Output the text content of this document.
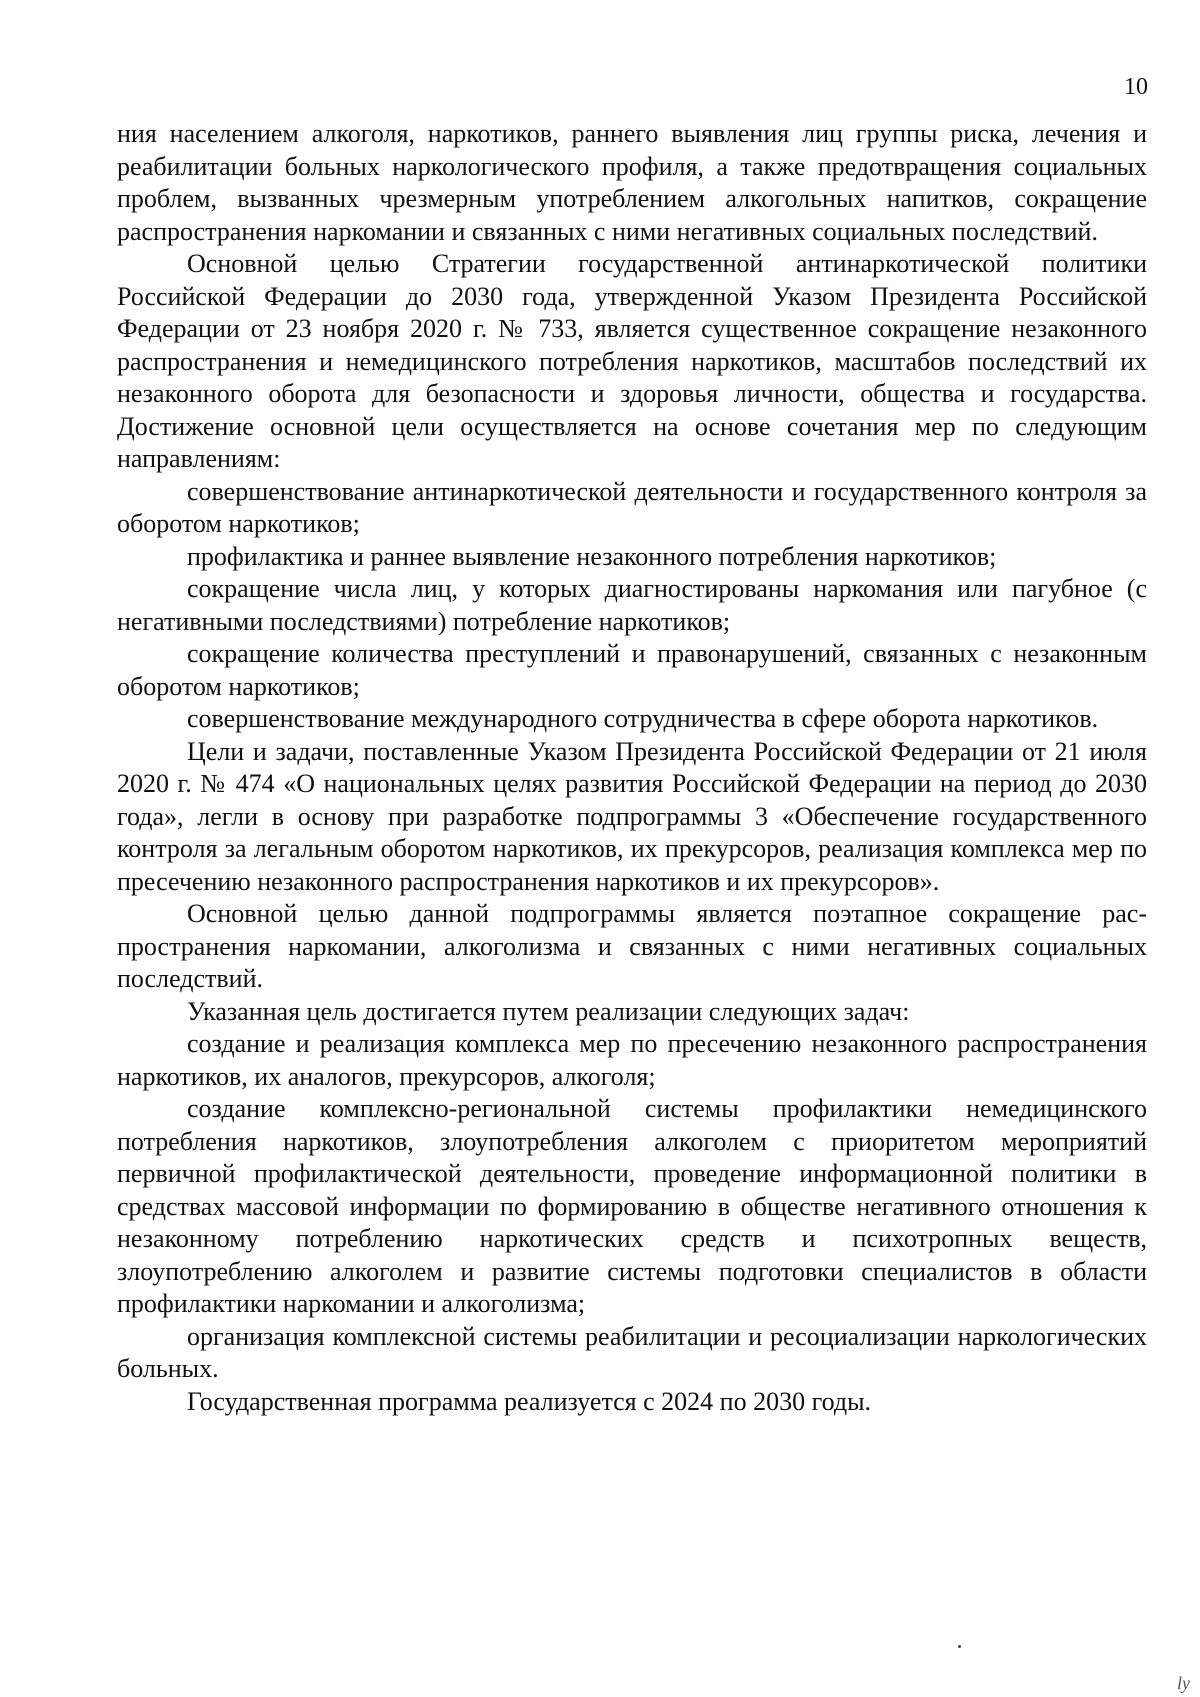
10

ния населением алкоголя, наркотиков, раннего выявления лиц группы риска, лечения и реабилитации больных наркологического профиля, а также предотвращения социальных проблем, вызванных чрезмерным употреблением алкогольных напитков, сокращение распространения наркомании и связанных с ними негативных социальных последствий.

Основной целью Стратегии государственной антинаркотической политики Российской Федерации до 2030 года, утвержденной Указом Президента Российской Федерации от 23 ноября 2020 г. № 733, является существенное сокращение незаконного распространения и немедицинского потребления наркотиков, масштабов последствий их незаконного оборота для безопасности и здоровья личности, общества и государства. Достижение основной цели осуществляется на основе сочетания мер по следующим направлениям:

совершенствование антинаркотической деятельности и государственного контроля за оборотом наркотиков;

профилактика и раннее выявление незаконного потребления наркотиков;

сокращение числа лиц, у которых диагностированы наркомания или пагубное (с негативными последствиями) потребление наркотиков;

сокращение количества преступлений и правонарушений, связанных с незаконным оборотом наркотиков;

совершенствование международного сотрудничества в сфере оборота наркотиков.

Цели и задачи, поставленные Указом Президента Российской Федерации от 21 июля 2020 г. № 474 «О национальных целях развития Российской Федерации на период до 2030 года», легли в основу при разработке подпрограммы 3 «Обеспечение государственного контроля за легальным оборотом наркотиков, их прекурсоров, реализация комплекса мер по пресечению незаконного распространения наркотиков и их прекурсоров».

Основной целью данной подпрограммы является поэтапное сокращение распространения наркомании, алкоголизма и связанных с ними негативных социальных последствий.

Указанная цель достигается путем реализации следующих задач:

создание и реализация комплекса мер по пресечению незаконного распространения наркотиков, их аналогов, прекурсоров, алкоголя;

создание комплексно-региональной системы профилактики немедицинского потребления наркотиков, злоупотребления алкоголем с приоритетом мероприятий первичной профилактической деятельности, проведение информационной политики в средствах массовой информации по формированию в обществе негативного отношения к незаконному потреблению наркотических средств и психотропных веществ, злоупотреблению алкоголем и развитие системы подготовки специалистов в области профилактики наркомании и алкоголизма;

организация комплексной системы реабилитации и ресоциализации наркологических больных.

Государственная программа реализуется с 2024 по 2030 годы.

ly
